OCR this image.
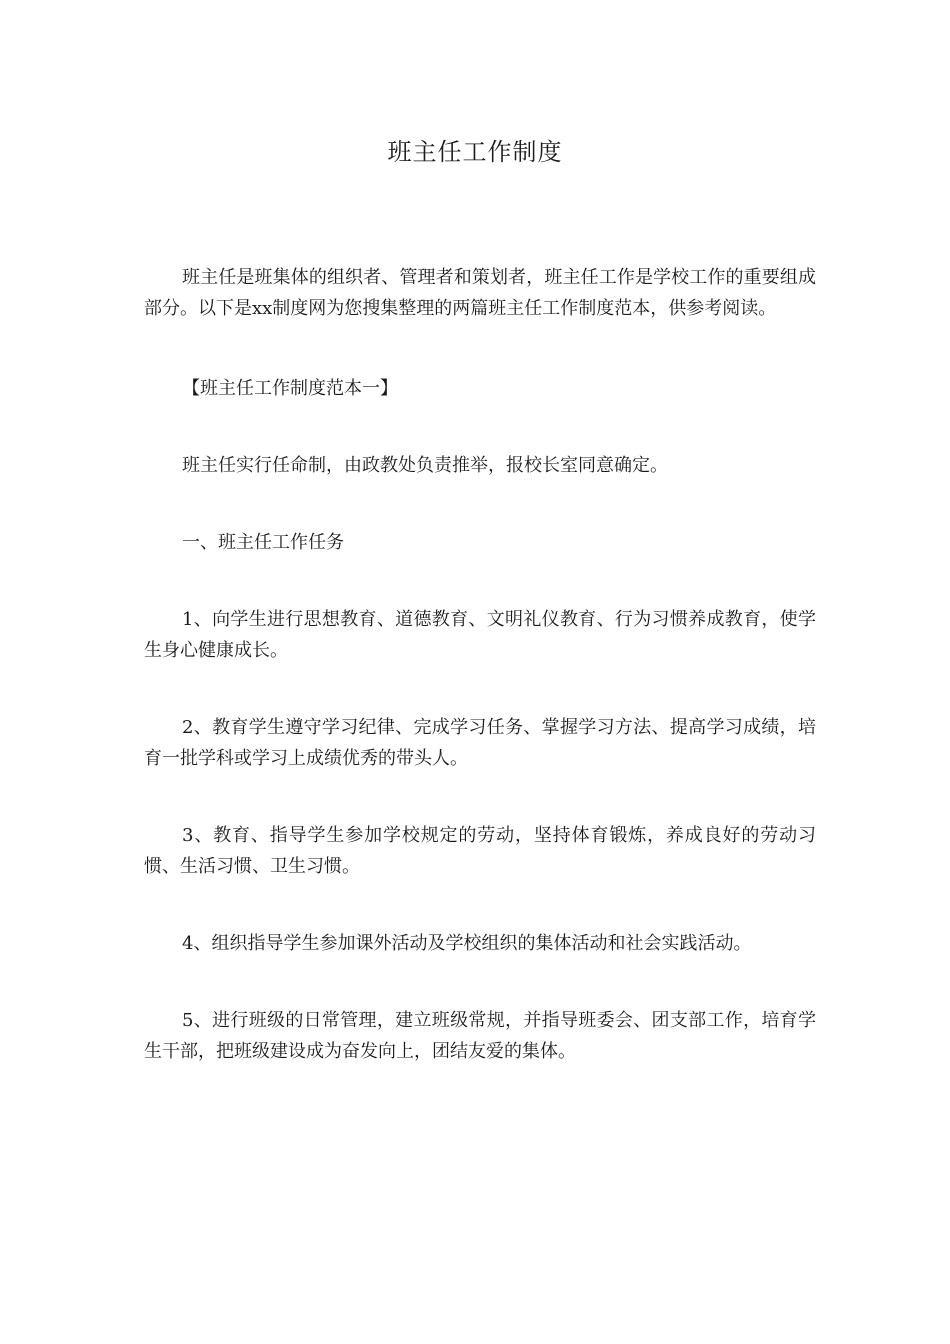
班主任工作制度

班主任是班集体的组织者、管理者和策划者，班主任工作是学校工作的重要组成部分。以下是xx制度网为您搜集整理的两篇班主任工作制度范本，供参考阅读。

【班主任工作制度范本一】

班主任实行任命制，由政教处负责推举，报校长室同意确定。

一、班主任工作任务

1、向学生进行思想教育、道德教育、文明礼仪教育、行为习惯养成教育，使学生身心健康成长。

2、教育学生遵守学习纪律、完成学习任务、掌握学习方法、提高学习成绩，培育一批学科或学习上成绩优秀的带头人。

3、教育、指导学生参加学校规定的劳动，坚持体育锻炼，养成良好的劳动习惯、生活习惯、卫生习惯。

4、组织指导学生参加课外活动及学校组织的集体活动和社会实践活动。

5、进行班级的日常管理，建立班级常规，并指导班委会、团支部工作，培育学生干部，把班级建设成为奋发向上，团结友爱的集体。
